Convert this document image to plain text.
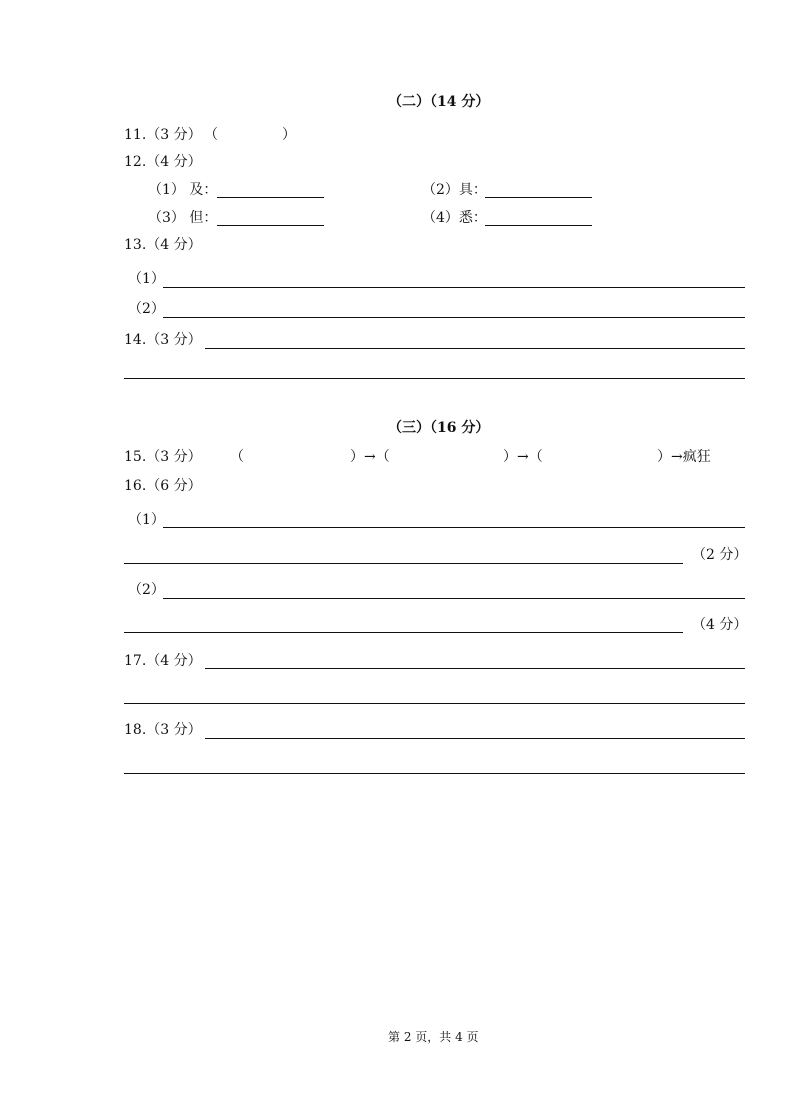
（二）（14 分）
11.（3 分） （	）
12.（4 分）
（1） 及：	（2）具：
（3） 但：	（4）悉：
13.（4 分）
（1）
（2）
14.（3 分）
（三）（16 分）
15.（3 分） （	）→（	）→（	）→疯狂
16.（6 分）
（1）
（2 分）
（2）
（4 分）
17.（4 分）
18.（3 分）
第 2 页，共 4 页
